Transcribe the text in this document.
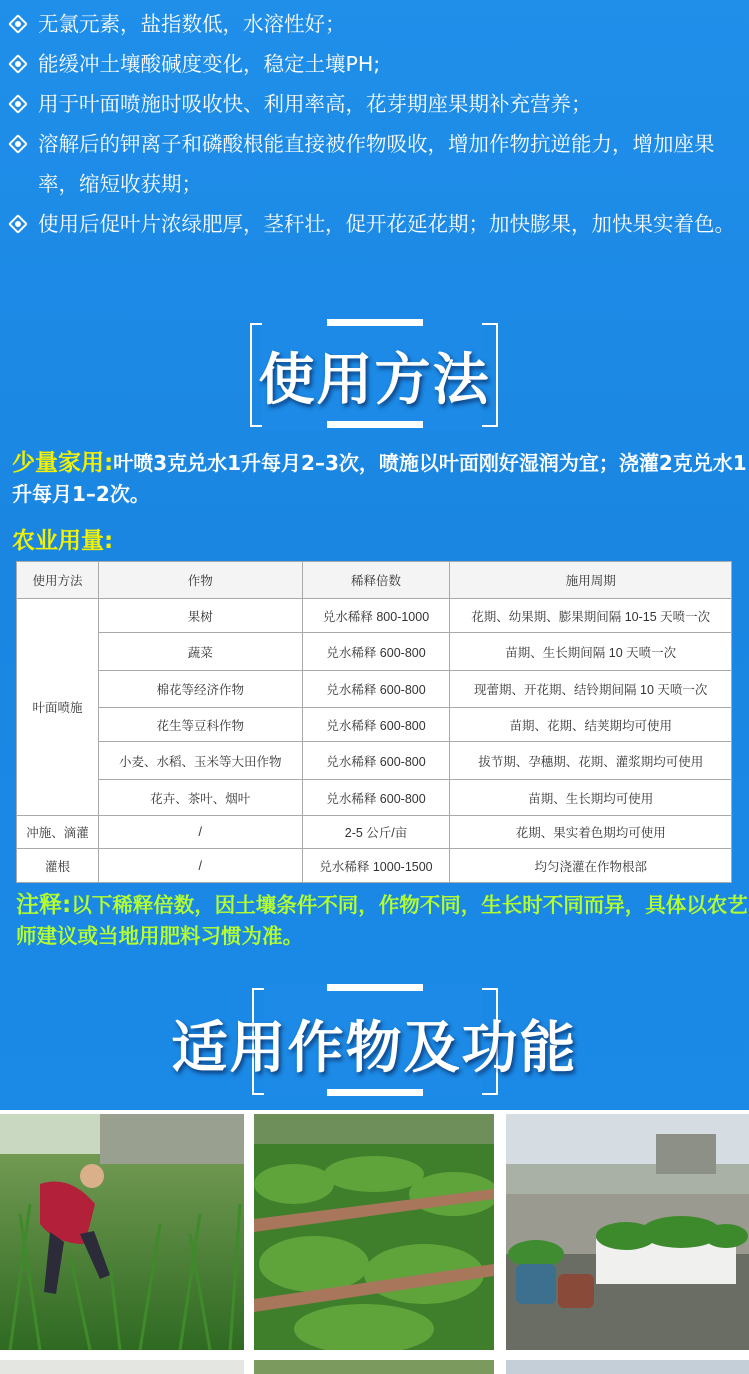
无氯元素，盐指数低，水溶性好；
能缓冲土壤酸碱度变化，稳定土壤PH;
用于叶面喷施时吸收快、利用率高，花芽期座果期补充营养；
溶解后的钾离子和磷酸根能直接被作物吸收，增加作物抗逆能力，增加座果率，缩短收获期；
使用后促叶片浓绿肥厚，茎秆壮，促开花延花期；加快膨果，加快果实着色。
使用方法
少量家用:叶喷3克兑水1升每月2–3次，喷施以叶面刚好湿润为宜；浇灌2克兑水1升每月1–2次。
农业用量:
使用方法	作物	稀释倍数	施用周期
叶面喷施	果树	兑水稀释 800-1000	花期、幼果期、膨果期间隔 10-15 天喷一次
	蔬菜	兑水稀释 600-800	苗期、生长期间隔 10 天喷一次
	棉花等经济作物	兑水稀释 600-800	现蕾期、开花期、结铃期间隔 10 天喷一次
	花生等豆科作物	兑水稀释 600-800	苗期、花期、结荚期均可使用
	小麦、水稻、玉米等大田作物	兑水稀释 600-800	拔节期、孕穗期、花期、灌浆期均可使用
	花卉、茶叶、烟叶	兑水稀释 600-800	苗期、生长期均可使用
冲施、滴灌	/	2-5 公斤/亩	花期、果实着色期均可使用
灌根	/	兑水稀释 1000-1500	均匀浇灌在作物根部
注释:以下稀释倍数，因土壤条件不同，作物不同，生长时不同而异，具体以农艺师建议或当地用肥料习惯为准。
适用作物及功能
